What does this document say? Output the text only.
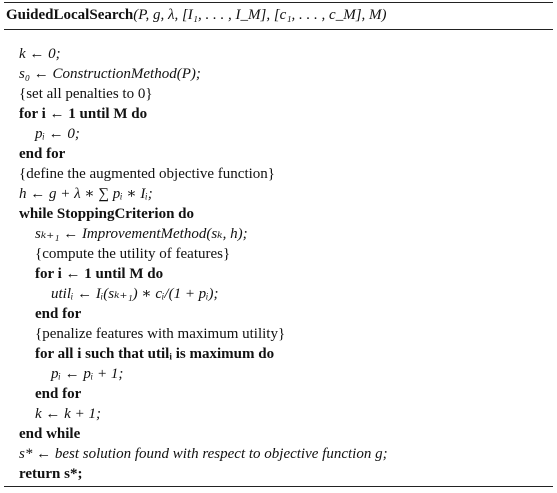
GuidedLocalSearch(P, g, λ, [I₁, . . . , I_M], [c₁, . . . , c_M], M)
k ← 0;
s₀ ← ConstructionMethod(P);
{set all penalties to 0}
for i ← 1 until M do
pᵢ ← 0;
end for
{define the augmented objective function}
h ← g + λ ∗ ∑ pᵢ ∗ Iᵢ;
while StoppingCriterion do
sₖ₊₁ ← ImprovementMethod(sₖ, h);
{compute the utility of features}
for i ← 1 until M do
utilᵢ ← Iᵢ(sₖ₊₁) ∗ cᵢ/(1 + pᵢ);
end for
{penalize features with maximum utility}
for all i such that utilᵢ is maximum do
pᵢ ← pᵢ + 1;
end for
k ← k + 1;
end while
s* ← best solution found with respect to objective function g;
return s*;
